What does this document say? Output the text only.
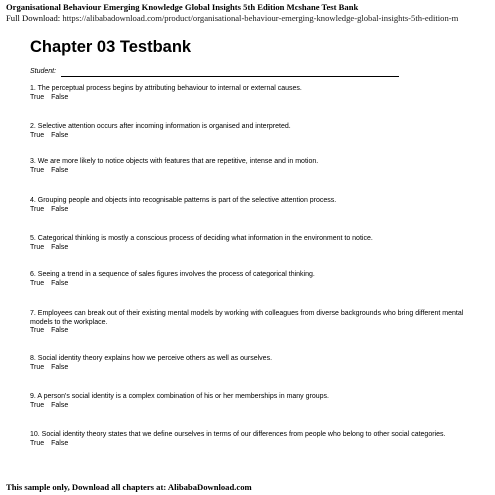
Organisational Behaviour Emerging Knowledge Global Insights 5th Edition Mcshane Test Bank
Full Download: https://alibabadownload.com/product/organisational-behaviour-emerging-knowledge-global-insights-5th-edition-m
Chapter 03 Testbank
Student:
1. The perceptual process begins by attributing behaviour to internal or external causes.
True False
2. Selective attention occurs after incoming information is organised and interpreted.
True False
3. We are more likely to notice objects with features that are repetitive, intense and in motion.
True False
4. Grouping people and objects into recognisable patterns is part of the selective attention process.
True False
5. Categorical thinking is mostly a conscious process of deciding what information in the environment to notice.
True False
6. Seeing a trend in a sequence of sales figures involves the process of categorical thinking.
True False
7. Employees can break out of their existing mental models by working with colleagues from diverse backgrounds who bring different mental models to the workplace.
True False
8. Social identity theory explains how we perceive others as well as ourselves.
True False
9. A person's social identity is a complex combination of his or her memberships in many groups.
True False
10. Social identity theory states that we define ourselves in terms of our differences from people who belong to other social categories.
True False
This sample only, Download all chapters at: AlibabaDownload.com
